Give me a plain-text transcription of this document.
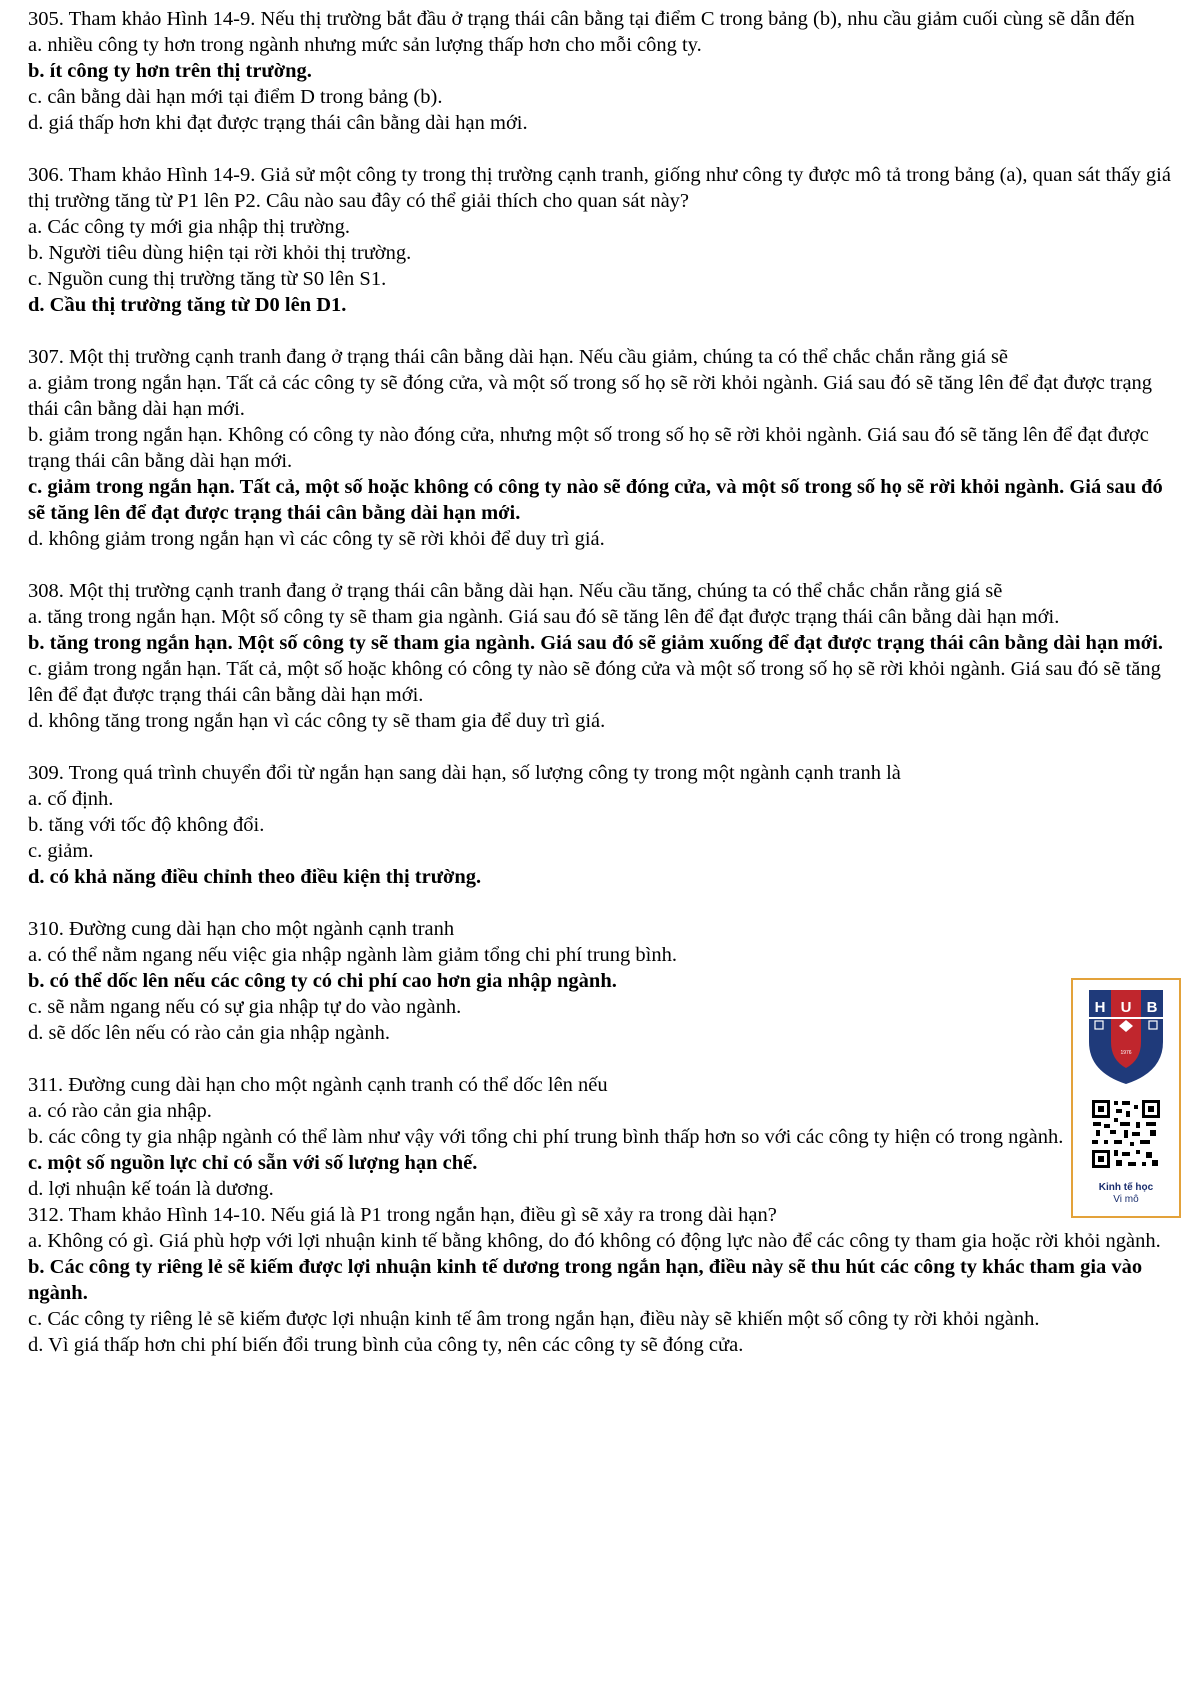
305. Tham khảo Hình 14-9. Nếu thị trường bắt đầu ở trạng thái cân bằng tại điểm C trong bảng (b), nhu cầu giảm cuối cùng sẽ dẫn đến

a. nhiều công ty hơn trong ngành nhưng mức sản lượng thấp hơn cho mỗi công ty.

b. ít công ty hơn trên thị trường.

c. cân bằng dài hạn mới tại điểm D trong bảng (b).

d. giá thấp hơn khi đạt được trạng thái cân bằng dài hạn mới.

306. Tham khảo Hình 14-9. Giả sử một công ty trong thị trường cạnh tranh, giống như công ty được mô tả trong bảng (a), quan sát thấy giá thị trường tăng từ P1 lên P2. Câu nào sau đây có thể giải thích cho quan sát này?

a. Các công ty mới gia nhập thị trường.

b. Người tiêu dùng hiện tại rời khỏi thị trường.

c. Nguồn cung thị trường tăng từ S0 lên S1.

d. Cầu thị trường tăng từ D0 lên D1.

307. Một thị trường cạnh tranh đang ở trạng thái cân bằng dài hạn. Nếu cầu giảm, chúng ta có thể chắc chắn rằng giá sẽ

a. giảm trong ngắn hạn. Tất cả các công ty sẽ đóng cửa, và một số trong số họ sẽ rời khỏi ngành. Giá sau đó sẽ tăng lên để đạt được trạng thái cân bằng dài hạn mới.

b. giảm trong ngắn hạn. Không có công ty nào đóng cửa, nhưng một số trong số họ sẽ rời khỏi ngành. Giá sau đó sẽ tăng lên để đạt được trạng thái cân bằng dài hạn mới.

c. giảm trong ngắn hạn. Tất cả, một số hoặc không có công ty nào sẽ đóng cửa, và một số trong số họ sẽ rời khỏi ngành. Giá sau đó sẽ tăng lên để đạt được trạng thái cân bằng dài hạn mới.

d. không giảm trong ngắn hạn vì các công ty sẽ rời khỏi để duy trì giá.

308. Một thị trường cạnh tranh đang ở trạng thái cân bằng dài hạn. Nếu cầu tăng, chúng ta có thể chắc chắn rằng giá sẽ

a. tăng trong ngắn hạn. Một số công ty sẽ tham gia ngành. Giá sau đó sẽ tăng lên để đạt được trạng thái cân bằng dài hạn mới.

b. tăng trong ngắn hạn. Một số công ty sẽ tham gia ngành. Giá sau đó sẽ giảm xuống để đạt được trạng thái cân bằng dài hạn mới.

c. giảm trong ngắn hạn. Tất cả, một số hoặc không có công ty nào sẽ đóng cửa và một số trong số họ sẽ rời khỏi ngành. Giá sau đó sẽ tăng lên để đạt được trạng thái cân bằng dài hạn mới.

d. không tăng trong ngắn hạn vì các công ty sẽ tham gia để duy trì giá.

309. Trong quá trình chuyển đổi từ ngắn hạn sang dài hạn, số lượng công ty trong một ngành cạnh tranh là

a. cố định.

b. tăng với tốc độ không đổi.

c. giảm.

d. có khả năng điều chỉnh theo điều kiện thị trường.

310. Đường cung dài hạn cho một ngành cạnh tranh

a. có thể nằm ngang nếu việc gia nhập ngành làm giảm tổng chi phí trung bình.

b. có thể dốc lên nếu các công ty có chi phí cao hơn gia nhập ngành.

c. sẽ nằm ngang nếu có sự gia nhập tự do vào ngành.

d. sẽ dốc lên nếu có rào cản gia nhập ngành.

311. Đường cung dài hạn cho một ngành cạnh tranh có thể dốc lên nếu

a. có rào cản gia nhập.

b. các công ty gia nhập ngành có thể làm như vậy với tổng chi phí trung bình thấp hơn so với các công ty hiện có trong ngành.

c. một số nguồn lực chỉ có sẵn với số lượng hạn chế.

d. lợi nhuận kế toán là dương.

312. Tham khảo Hình 14-10. Nếu giá là P1 trong ngắn hạn, điều gì sẽ xảy ra trong dài hạn?

a. Không có gì. Giá phù hợp với lợi nhuận kinh tế bằng không, do đó không có động lực nào để các công ty tham gia hoặc rời khỏi ngành.

b. Các công ty riêng lẻ sẽ kiếm được lợi nhuận kinh tế dương trong ngắn hạn, điều này sẽ thu hút các công ty khác tham gia vào ngành.

c. Các công ty riêng lẻ sẽ kiếm được lợi nhuận kinh tế âm trong ngắn hạn, điều này sẽ khiến một số công ty rời khỏi ngành.

d. Vì giá thấp hơn chi phí biến đổi trung bình của công ty, nên các công ty sẽ đóng cửa.

H U B
1976
Kinh tế học
Vi mô
